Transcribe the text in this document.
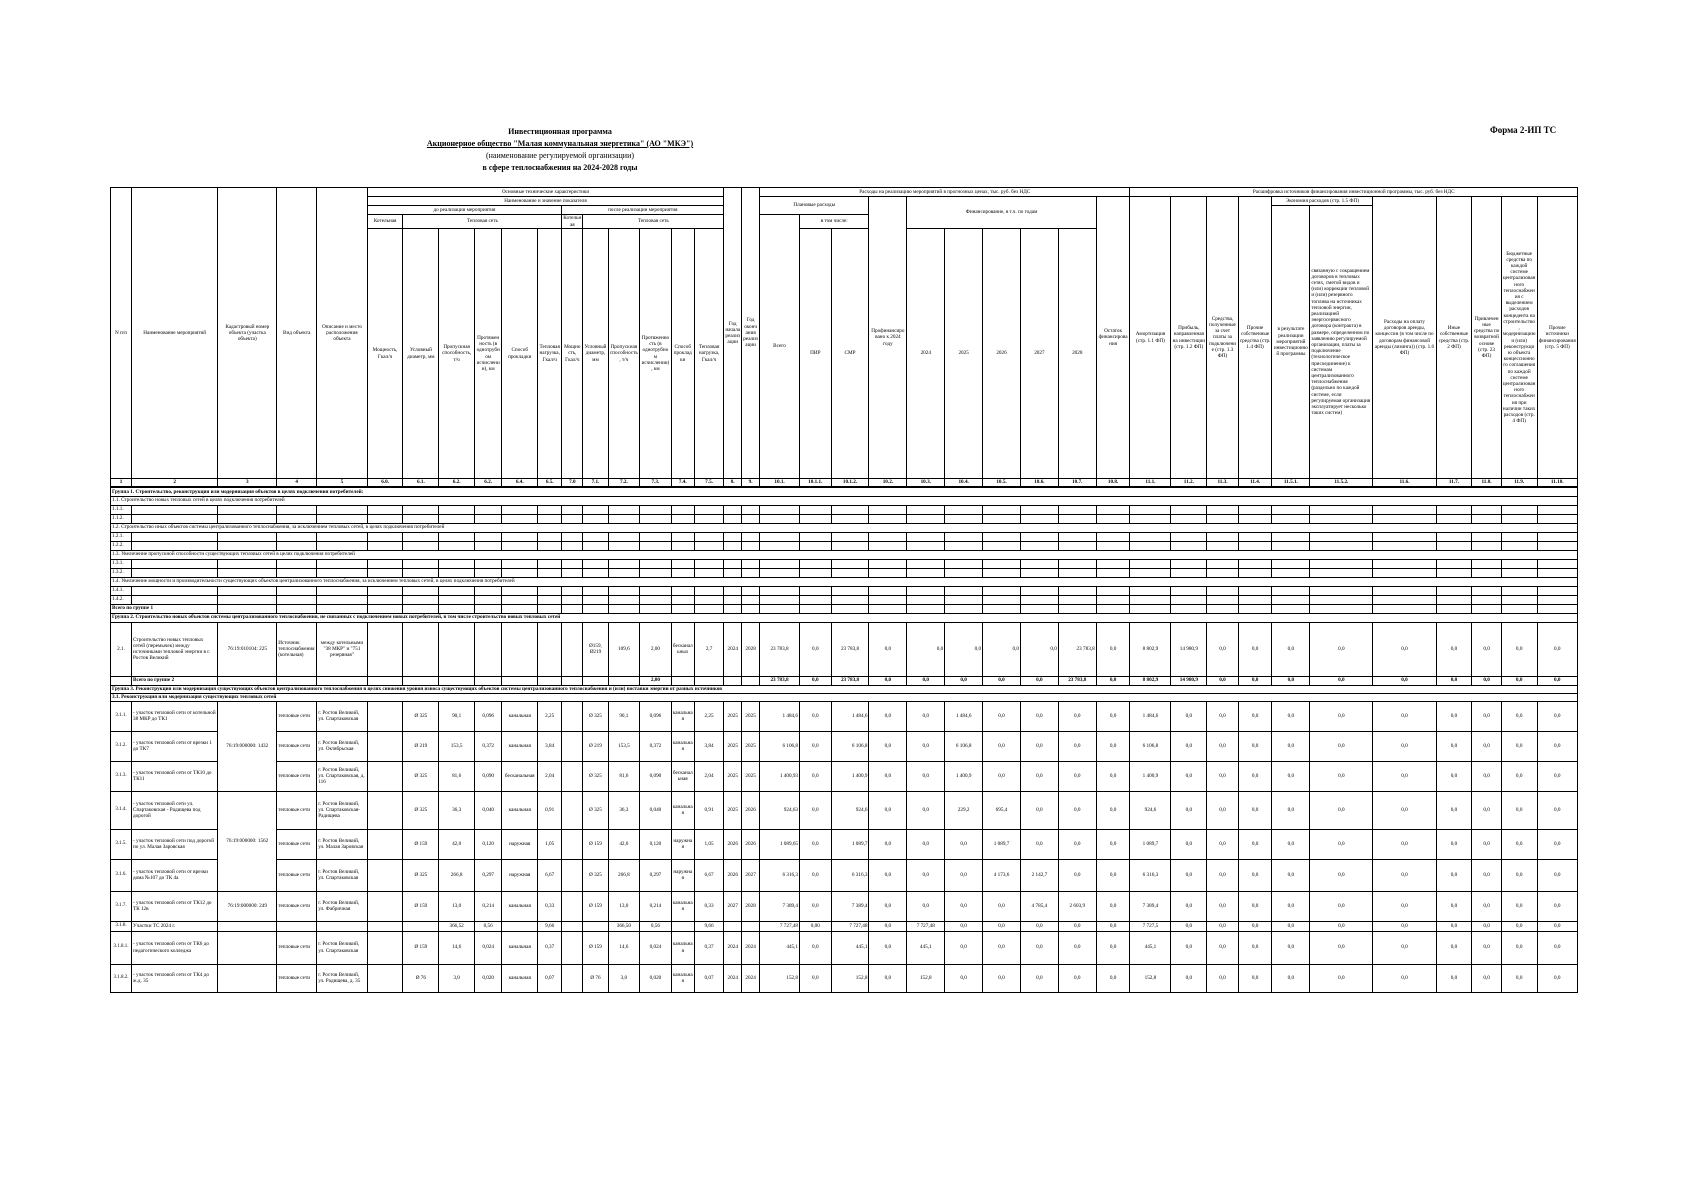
Форма 2-ИП ТС
Инвестиционная программа
Акционерное общество "Малая коммунальная энергетика" (АО "МКЭ")
(наименование регулируемой организации)
в сфере теплоснабжения на 2024-2028 годы
N п/п	Наименование мероприятий	Кадастровый номер объекта (участка объекта)	Вид объекта	Описание и место расположения объекта	Основные технические характеристики												Год начала реализации	Год окончания реализации	Расходы на реализацию мероприятий в прогнозных ценах, тыс. руб. без НДС										Расшифровка источников финансирования инвестиционной программы, тыс. руб. без НДС										
					Наименование и значение показателя														Плановые расходы			Профинансировано к 2024 году	Финансирование, в т.ч. по годам					Остаток финансирования	Амортизация (стр. 1.1 ФП)	Прибыль, направленная на инвестиции (стр. 1.2 ФП)	Средства, полученные за счет платы за подключение (стр. 1.3 ФП)	Прочие собственные средства (стр. 1.4 ФП)	Экономия расходов (стр. 1.5 ФП)		Расходы на оплату договоров аренды, концессии (в том числе по договорам финансовой аренды (лизинга)) (стр. 1.6 ФП)	Иные собственные средства (стр. 2 ФП)	Привлеченные средства по возвратной основе (стр. 23 ФП)	Бюджетные средства по каждой системе централизованного теплоснабжения с выделением расходов концедента на строительство, модернизацию и (или) реконструкцию объекта концессионного соглашения по каждой системе централизованного теплоснабжения при наличии таких расходов (стр. 4 ФП)	Прочие источники финансирования (стр. 5 ФП)
					до реализации мероприятия						после реализации мероприятия																						в результате реализации мероприятий инвестиционной программы	связанную с сокращением договоров в тепловых сетях, сметой видов и (или) коррекции тепловой и (или) резервного топлива на источниках тепловой энергии, реализацией энергосервисного договора (контракта) в размере, определенном по заявлению регулируемой организации, платы за подключение (технологическое присоединение) к системам централизованного теплоснабжения (раздельно по каждой системе, если регулируемая организация эксплуатирует несколько таких систем)					
					Котельная	Тепловая сеть					Котельная	Тепловая сеть							Всего	в том числе:																			
					Мощность, Гкал/ч	Условный диаметр, мм	Пропускная способность, т/ч	Протяженность (в однотрубном исчислении), км	Способ прокладки	Тепловая нагрузка, Гкал/ч	Мощность, Гкал/ч	Условный диаметр, мм	Пропускная способность, т/ч	Протяженность (в однотрубном исчислении), км	Способ прокладки	Тепловая нагрузка, Гкал/ч				ПИР	СМР		2024	2025	2026	2027	2028												
1	2	3	4	5	6.0.	6.1.	6.2.	6.2.	6.4.	6.5.	7.0	7.1.	7.2.	7.3.	7.4.	7.5.	8.	9.	10.1.	10.1.1.	10.1.2.	10.2.	10.3.	10.4.	10.5.	10.6.	10.7.	10.8.	11.1.	11.2.	11.3.	11.4.	11.5.1.	11.5.2.	11.6.	11.7.	11.8.	11.9.	11.10.
Группа 1. Строительство, реконструкция или модернизация объектов в целях подключения потребителей:																																							
1.1. Строительство новых тепловых сетей в целях подключения потребителей																																							
1.1.1.																																							
1.1.2.																																							
1.2. Строительство иных объектов системы централизованного теплоснабжения, за исключением тепловых сетей, в целях подключения потребителей																																							
1.2.1.																																							
1.2.2.																																							
1.3. Увеличение пропускной способности существующих тепловых сетей в целях подключения потребителей																																							
1.3.1.																																							
1.3.2.																																							
1.4. Увеличение мощности и производительности существующих объектов централизованного теплоснабжения, за исключением тепловых сетей, в целях подключения потребителей																																							
1.4.1.																																							
1.4.2.																																							
Всего по группе 1																																							
Группа 2. Строительство новых объектов системы централизованного теплоснабжения, не связанных с подключением новых потребителей, в том числе строительство новых тепловых сетей																																							
2.1.	Строительство новых тепловых сетей (перемычек) между источниками тепловой энергии в г. Ростов Великий	76:19:010104: 225	Источник теплоснабжения (котельная)	между котельными "38 МКР" и "751 резервная"								Ø159, Ø219	109,6	2,00	бесканальных	2,7	2024	2028	23 783,8	0,0	23 783,8	0,0	0,0	0,0	0,0	0,0	23 783,8	0,0	8 802,9	14 980,9	0,0	0,0	0,0	0,0	0,0	0,0	0,0	0,0	0,0
	Всего по группе 2													2,00					23 783,8	0,0	23 783,8	0,0	0,0	0,0	0,0	0,0	23 783,8	0,0	8 802,9	14 980,9	0,0	0,0	0,0	0,0	0,0	0,0	0,0	0,0	0,0
Группа 3. Реконструкция или модернизация существующих объектов централизованного теплоснабжения в целях снижения уровня износа существующих объектов системы централизованного теплоснабжения и (или) поставки энергии от разных источников																																							
3.1. Реконструкция или модернизация существующих тепловых сетей																																							
3.1.1.	- участок тепловой сети от котельной 38 МКР до ТК1	76:19:000000: 1432	тепловые сети	г. Ростов Великий, ул. Спартаковская		Ø 325	90,1	0,096	канальная	2,25		Ø 325	90,1	0,096	канальная	2,25	2025	2025	1 484,6	0,0	1 484,6	0,0	0,0	1 484,6	0,0	0,0	0,0	0,0	1 484,6	0,0	0,0	0,0	0,0	0,0	0,0	0,0	0,0	0,0	0,0
3.1.2.	- участок тепловой сети от врезки 1 до ТК7		тепловые сети	г. Ростов Великий, ул. Октябрьская		Ø 219	153,5	0,372	канальная	3,84		Ø 219	153,5	0,372	канальная	3,84	2025	2025	6 106,8	0,0	6 106,8	0,0	0,0	6 106,8	0,0	0,0	0,0	0,0	6 106,8	0,0	0,0	0,0	0,0	0,0	0,0	0,0	0,0	0,0	0,0
3.1.3.	- участок тепловой сети от ТК10 до ТК11		тепловые сети	г. Ростов Великий, ул. Спартаковская, д. 116		Ø 325	81,6	0,090	бесканальная	2,04		Ø 325	81,6	0,090	бесканальная	2,04	2025	2025	1 400,93	0,0	1 400,9	0,0	0,0	1 400,9	0,0	0,0	0,0	0,0	1 400,9	0,0	0,0	0,0	0,0	0,0	0,0	0,0	0,0	0,0	0,0
3.1.4.	- участок тепловой сети ул. Спартаковская - Радищева под дорогой	76:19:000000: 1562	тепловые сети	г. Ростов Великий, ул. Спартаковская-Радищева		Ø 325	36,3	0,040	канальная	0,91		Ø 325	36,3	0,040	канальная	0,91	2025	2026	924,63	0,0	924,6	0,0	0,0	229,2	695,4	0,0	0,0	0,0	924,6	0,0	0,0	0,0	0,0	0,0	0,0	0,0	0,0	0,0	0,0
3.1.5.	- участок тепловой сети под дорогой по ул. Малая Заровская		тепловые сети	г. Ростов Великий, ул. Малая Заровская		Ø 159	42,0	0,120	наружная	1,05		Ø 159	42,0	0,120	наружная	1,05	2026	2026	1 089,65	0,0	1 089,7	0,0	0,0	0,0	1 089,7	0,0	0,0	0,0	1 089,7	0,0	0,0	0,0	0,0	0,0	0,0	0,0	0,0	0,0	0,0
3.1.6.	- участок тепловой сети от врезки дома №107 до ТК 4а		тепловые сети	г. Ростов Великий, ул. Спартаковская		Ø 325	266,8	0,297	наружная	6,67		Ø 325	266,8	0,297	наружная	6,67	2026	2027	6 316,3	0,0	6 316,3	0,0	0,0	0,0	4 173,6	2 142,7	0,0	0,0	6 316,3	0,0	0,0	0,0	0,0	0,0	0,0	0,0	0,0	0,0	0,0
3.1.7.	- участок тепловой сети от ТК12 до ТК 12в	76:19:000000: 249	тепловые сети	г. Ростов Великий, ул. Фабричная		Ø 159	13,0	0,214	канальная	0,33		Ø 159	13,0	0,214	канальная	0,33	2027	2028	7 389,4	0,0	7 389,4	0,0	0,0	0,0	0,0	4 785,4	2 603,9	0,0	7 389,4	0,0	0,0	0,0	0,0	0,0	0,0	0,0	0,0	0,0	0,0
3.1.8.	Участки ТС 2024 г.						366,52	0,56		9,66			366,50	0,56		9,66			7 727,48	0,00	7 727,48	0,0	7 727,48	0,0	0,0	0,0	0,0	0,0	7 727,5	0,0	0,0	0,0	0,0	0,0	0,0	0,0	0,0	0,0	0,0
3.1.8.1.	- участок тепловой сети от ТК6 до педагогического колледжа		тепловые сети	г. Ростов Великий, ул. Спартаковская		Ø 159	14,6	0,024	канальная	0,37		Ø 159	14,6	0,024	канальная	0,37	2024	2024	445,1	0,0	445,1	0,0	445,1	0,0	0,0	0,0	0,0	0,0	445,1	0,0	0,0	0,0	0,0	0,0	0,0	0,0	0,0	0,0	0,0
3.1.8.2.	- участок тепловой сети от ТК4 до ж.д. 35		тепловые сети	г. Ростов Великий, ул. Радищева, д. 35		Ø 76	3,0	0,020	канальная	0,07		Ø 76	3,0	0,020	канальная	0,07	2024	2024	152,8	0,0	152,8	0,0	152,8	0,0	0,0	0,0	0,0	0,0	152,8	0,0	0,0	0,0	0,0	0,0	0,0	0,0	0,0	0,0	0,0
